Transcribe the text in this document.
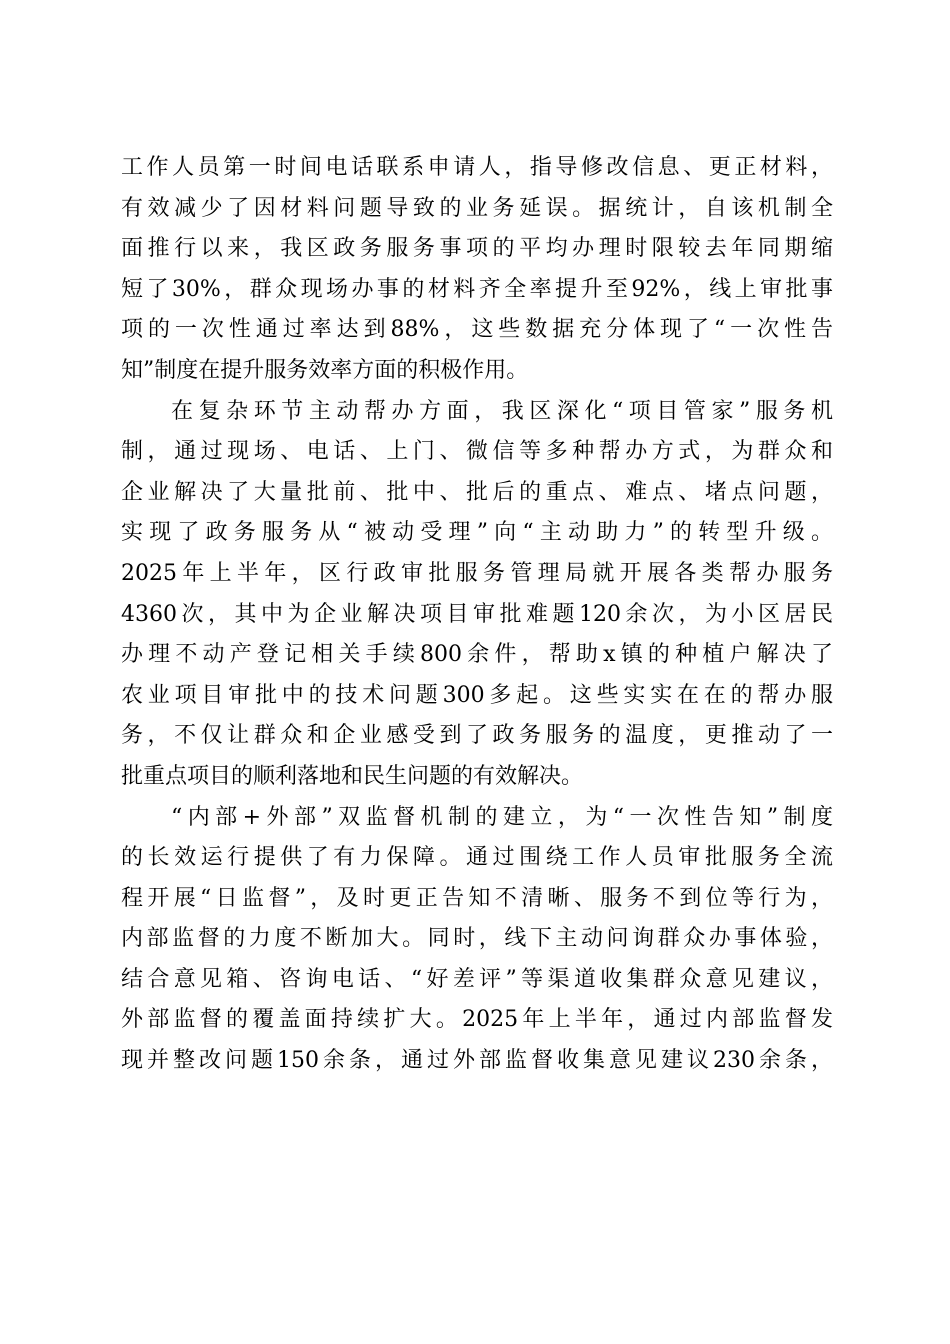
工作人员第一时间电话联系申请人，指导修改信息、更正材料，
有效减少了因材料问题导致的业务延误。据统计，自该机制全
面推行以来，我区政务服务事项的平均办理时限较去年同期缩
短了30%，群众现场办事的材料齐全率提升至92%，线上审批事
项的一次性通过率达到88%，这些数据充分体现了“一次性告
知”制度在提升服务效率方面的积极作用。
在复杂环节主动帮办方面，我区深化“项目管家”服务机
制，通过现场、电话、上门、微信等多种帮办方式，为群众和
企业解决了大量批前、批中、批后的重点、难点、堵点问题，
实现了政务服务从“被动受理”向“主动助力”的转型升级。
2025年上半年，区行政审批服务管理局就开展各类帮办服务
4360次，其中为企业解决项目审批难题120余次，为小区居民
办理不动产登记相关手续800余件，帮助x镇的种植户解决了
农业项目审批中的技术问题300多起。这些实实在在的帮办服
务，不仅让群众和企业感受到了政务服务的温度，更推动了一
批重点项目的顺利落地和民生问题的有效解决。
“内部+外部”双监督机制的建立，为“一次性告知”制度
的长效运行提供了有力保障。通过围绕工作人员审批服务全流
程开展“日监督”，及时更正告知不清晰、服务不到位等行为，
内部监督的力度不断加大。同时，线下主动问询群众办事体验，
结合意见箱、咨询电话、“好差评”等渠道收集群众意见建议，
外部监督的覆盖面持续扩大。2025年上半年，通过内部监督发
现并整改问题150余条，通过外部监督收集意见建议230余条，
